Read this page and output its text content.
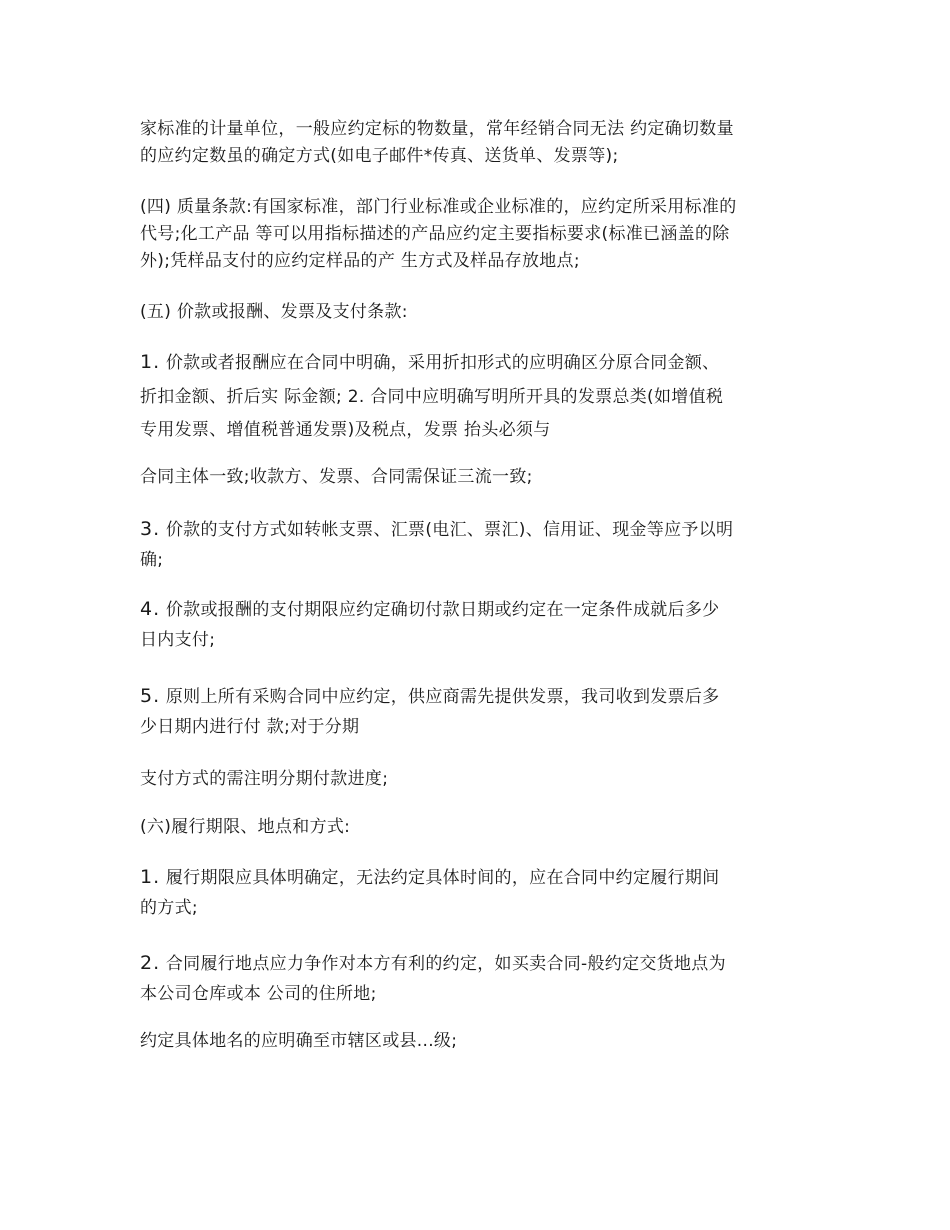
家标准的计量单位，一般应约定标的物数量，常年经销合同无法 约定确切数量
的应约定数虽的确定方式(如电子邮件*传真、送货单、发票等);

(四) 质量条款:有国家标准，部门行业标准或企业标准的，应约定所采用标准的
代号;化工产品 等可以用指标描述的产品应约定主要指标要求(标准已涵盖的除
外);凭样品支付的应约定样品的产 生方式及样品存放地点;

(五) 价款或报酬、发票及支付条款:

1. 价款或者报酬应在合同中明确，采用折扣形式的应明确区分原合同金额、
折扣金额、折后实 际金额; 2. 合同中应明确写明所开具的发票总类(如增值税

专用发票、增值税普通发票)及税点，发票 抬头必须与

合同主体一致;收款方、发票、合同需保证三流一致;

3. 价款的支付方式如转帐支票、汇票(电汇、票汇)、信用证、现金等应予以明
确;

4. 价款或报酬的支付期限应约定确切付款日期或约定在一定条件成就后多少
日内支付;

5. 原则上所有采购合同中应约定，供应商需先提供发票，我司收到发票后多
少日期内进行付 款;对于分期

支付方式的需注明分期付款进度;

(六)履行期限、地点和方式:

1. 履行期限应具体明确定，无法约定具体时间的，应在合同中约定履行期间
的方式;

2. 合同履行地点应力争作对本方有利的约定，如买卖合同-般约定交货地点为
本公司仓库或本 公司的住所地;

约定具体地名的应明确至市辖区或县...级;
